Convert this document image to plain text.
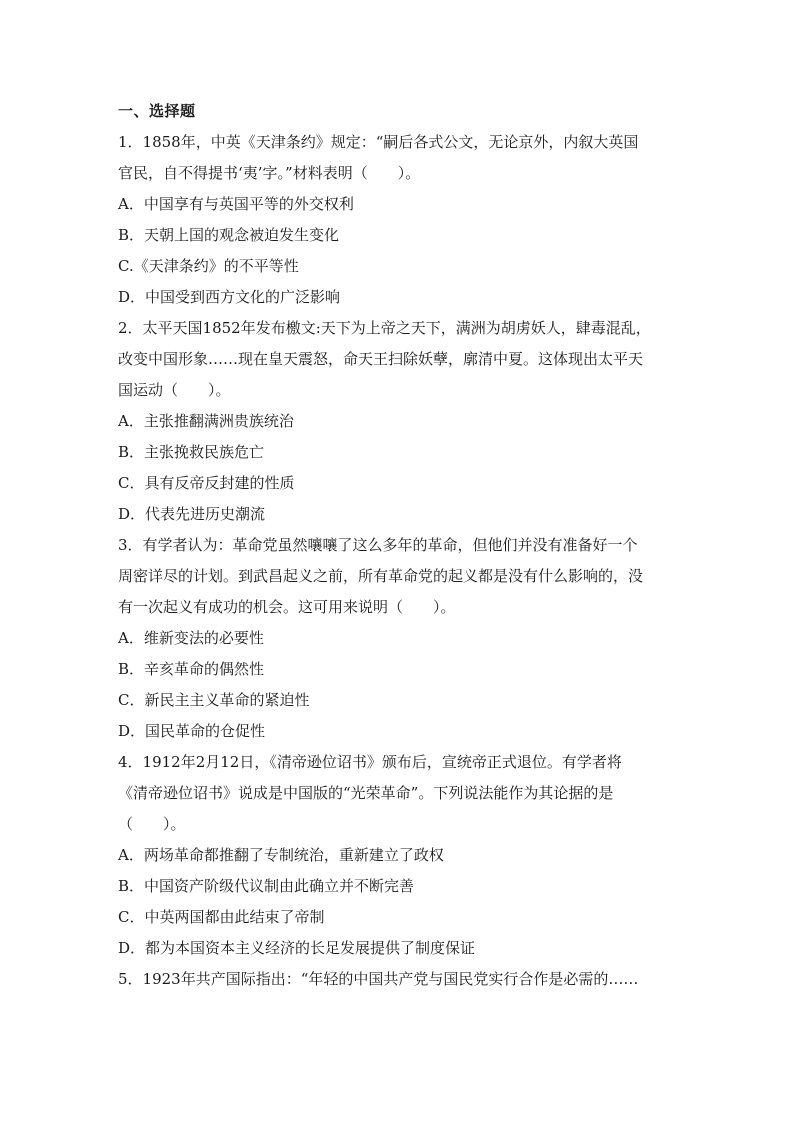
一、选择题
1．1858年，中英《天津条约》规定：“嗣后各式公文，无论京外，内叙大英国
官民，自不得提书‘夷’字。”材料表明（　　）。
A．中国享有与英国平等的外交权利
B．天朝上国的观念被迫发生变化
C.《天津条约》的不平等性
D．中国受到西方文化的广泛影响
2．太平天国1852年发布檄文:天下为上帝之天下，满洲为胡虏妖人，肆毒混乱，
改变中国形象……现在皇天震怒，命天王扫除妖孽，廓清中夏。这体现出太平天
国运动（　　）。
A．主张推翻满洲贵族统治
B．主张挽救民族危亡
C．具有反帝反封建的性质
D．代表先进历史潮流
3．有学者认为：革命党虽然嚷嚷了这么多年的革命，但他们并没有准备好一个
周密详尽的计划。到武昌起义之前，所有革命党的起义都是没有什么影响的，没
有一次起义有成功的机会。这可用来说明（　　）。
A．维新变法的必要性
B．辛亥革命的偶然性
C．新民主主义革命的紧迫性
D．国民革命的仓促性
4．1912年2月12日，《清帝逊位诏书》颁布后，宣统帝正式退位。有学者将
《清帝逊位诏书》说成是中国版的“光荣革命”。下列说法能作为其论据的是
（　　）。
A．两场革命都推翻了专制统治，重新建立了政权
B．中国资产阶级代议制由此确立并不断完善
C．中英两国都由此结束了帝制
D．都为本国资本主义经济的长足发展提供了制度保证
5．1923年共产国际指出：“年轻的中国共产党与国民党实行合作是必需的……
